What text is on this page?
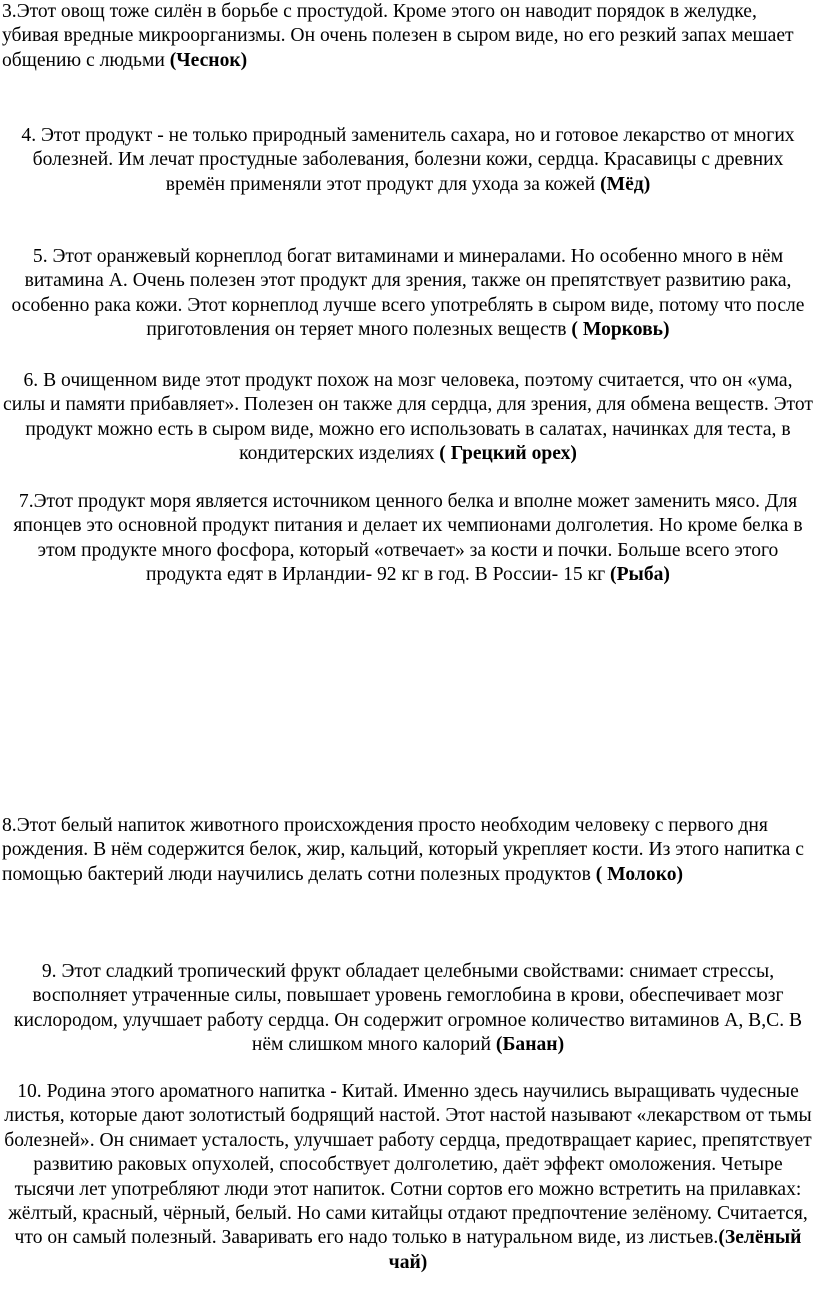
3.Этот овощ тоже силён в борьбе с простудой. Кроме этого он наводит порядок в желудке, убивая вредные микроорганизмы. Он очень полезен в сыром виде, но его резкий запах мешает общению с людьми (Чеснок)

4. Этот продукт - не только природный заменитель сахара, но и готовое лекарство от многих болезней. Им лечат простудные заболевания, болезни кожи, сердца. Красавицы с древних времён применяли этот продукт для ухода за кожей (Мёд)

5. Этот оранжевый корнеплод богат витаминами и минералами. Но особенно много в нём витамина А. Очень полезен этот продукт для зрения, также он препятствует развитию рака, особенно рака кожи. Этот корнеплод лучше всего употреблять в сыром виде, потому что после приготовления он теряет много полезных веществ ( Морковь)

6. В очищенном виде этот продукт похож на мозг человека, поэтому считается, что он «ума, силы и памяти прибавляет». Полезен он также для сердца, для зрения, для обмена веществ. Этот продукт можно есть в сыром виде, можно его использовать в салатах, начинках для теста, в кондитерских изделиях ( Грецкий орех)

7.Этот продукт моря является источником ценного белка и вполне может заменить мясо. Для японцев это основной продукт питания и делает их чемпионами долголетия. Но кроме белка в этом продукте много фосфора, который «отвечает» за кости и почки. Больше всего этого продукта едят в Ирландии- 92 кг в год. В России- 15 кг (Рыба)

8.Этот белый напиток животного происхождения просто необходим человеку с первого дня рождения. В нём содержится белок, жир, кальций, который укрепляет кости. Из этого напитка с помощью бактерий люди научились делать сотни полезных продуктов ( Молоко)

9. Этот сладкий тропический фрукт обладает целебными свойствами: снимает стрессы, восполняет утраченные силы, повышает уровень гемоглобина в крови, обеспечивает мозг кислородом, улучшает работу сердца. Он содержит огромное количество витаминов А, В,С. В нём слишком много калорий (Банан)

10. Родина этого ароматного напитка - Китай. Именно здесь научились выращивать чудесные листья, которые дают золотистый бодрящий настой. Этот настой называют «лекарством от тьмы болезней». Он снимает усталость, улучшает работу сердца, предотвращает кариес, препятствует развитию раковых опухолей, способствует долголетию, даёт эффект омоложения. Четыре тысячи лет употребляют люди этот напиток. Сотни сортов его можно встретить на прилавках: жёлтый, красный, чёрный, белый. Но сами китайцы отдают предпочтение зелёному. Считается, что он самый полезный. Заваривать его надо только в натуральном виде, из листьев.(Зелёный чай)
